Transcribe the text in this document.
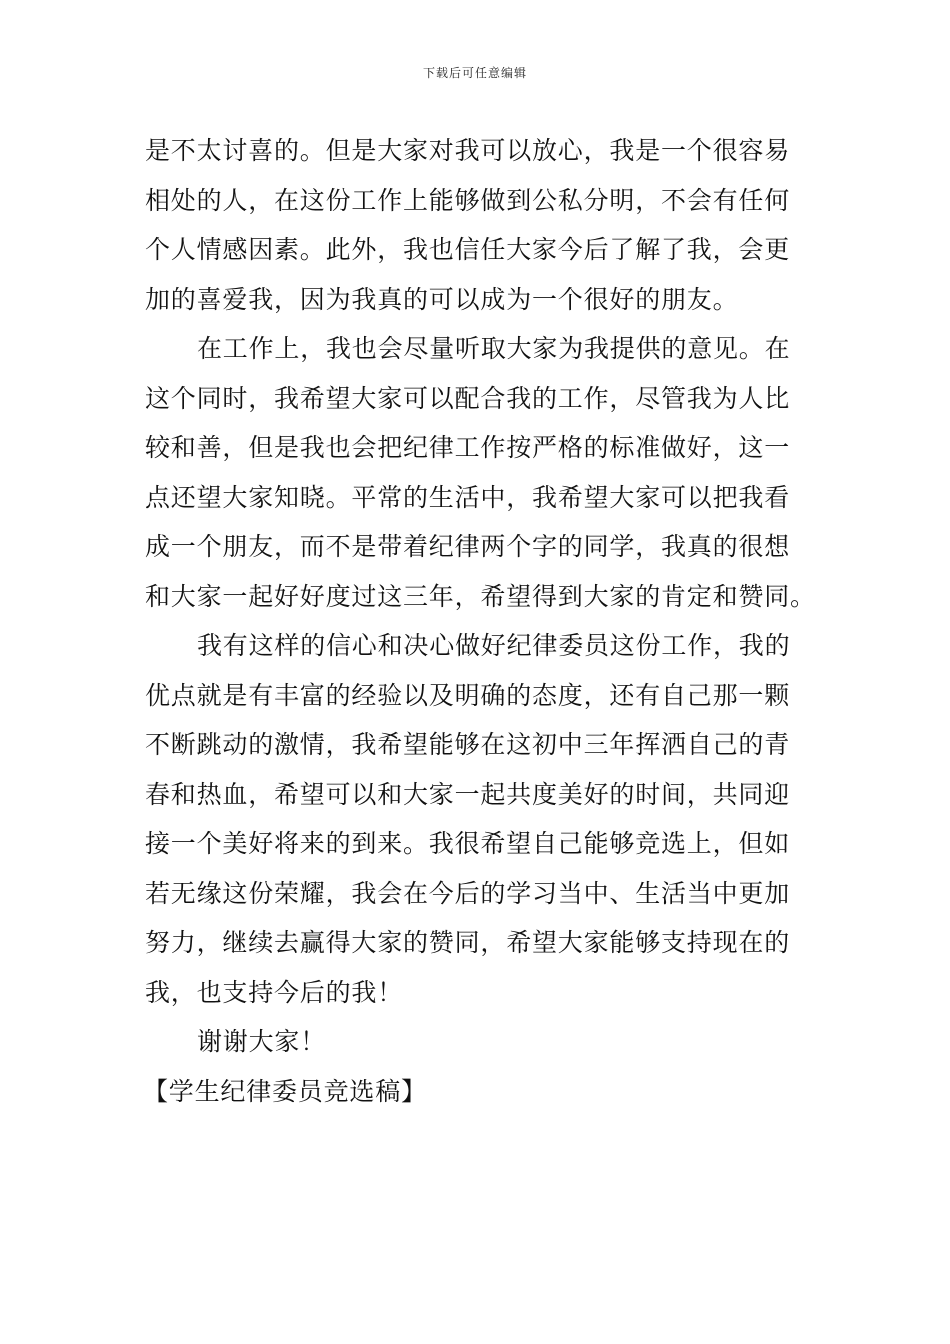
下载后可任意编辑
是不太讨喜的。但是大家对我可以放心，我是一个很容易
相处的人，在这份工作上能够做到公私分明，不会有任何
个人情感因素。此外，我也信任大家今后了解了我，会更
加的喜爱我，因为我真的可以成为一个很好的朋友。
在工作上，我也会尽量听取大家为我提供的意见。在
这个同时，我希望大家可以配合我的工作，尽管我为人比
较和善，但是我也会把纪律工作按严格的标准做好，这一
点还望大家知晓。平常的生活中，我希望大家可以把我看
成一个朋友，而不是带着纪律两个字的同学，我真的很想
和大家一起好好度过这三年，希望得到大家的肯定和赞同。
我有这样的信心和决心做好纪律委员这份工作，我的
优点就是有丰富的经验以及明确的态度，还有自己那一颗
不断跳动的激情，我希望能够在这初中三年挥洒自己的青
春和热血，希望可以和大家一起共度美好的时间，共同迎
接一个美好将来的到来。我很希望自己能够竞选上，但如
若无缘这份荣耀，我会在今后的学习当中、生活当中更加
努力，继续去赢得大家的赞同，希望大家能够支持现在的
我，也支持今后的我！
谢谢大家！
【学生纪律委员竞选稿】
